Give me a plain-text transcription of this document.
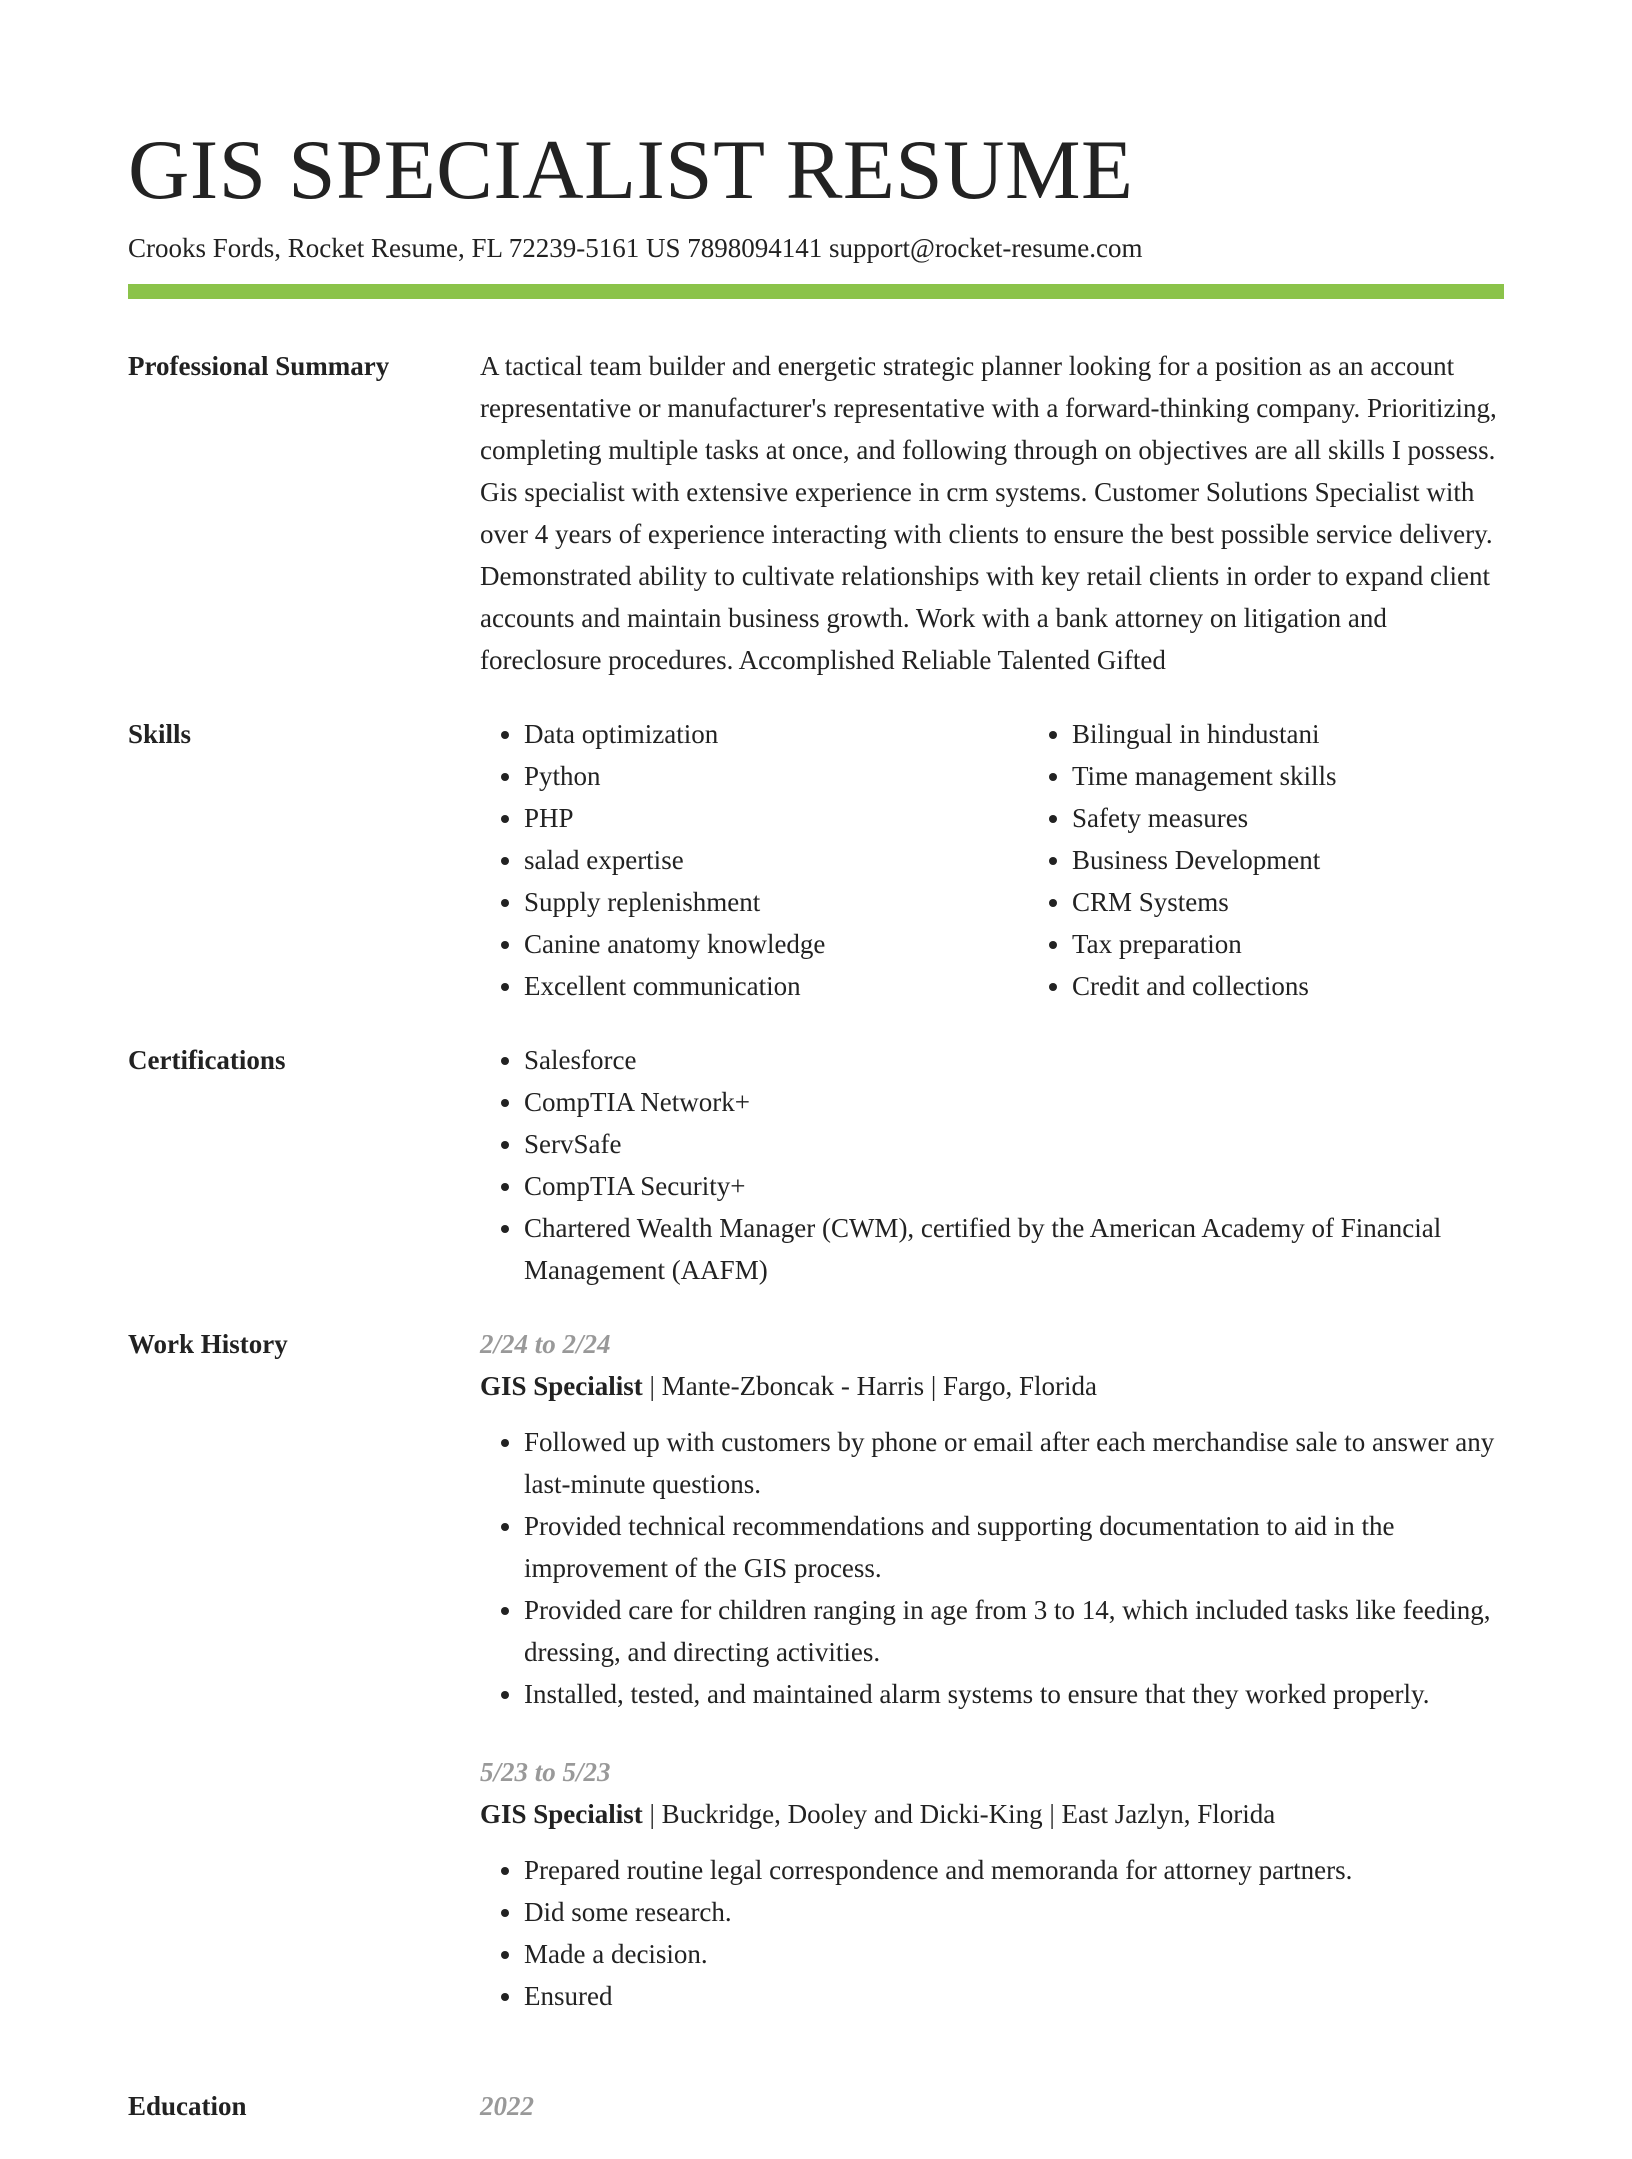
GIS SPECIALIST RESUME
Crooks Fords, Rocket Resume, FL 72239-5161 US 7898094141 support@rocket-resume.com
Professional Summary	A tactical team builder and energetic strategic planner looking for a position as an account representative or manufacturer's representative with a forward-thinking company. Prioritizing, completing multiple tasks at once, and following through on objectives are all skills I possess. Gis specialist with extensive experience in crm systems. Customer Solutions Specialist with over 4 years of experience interacting with clients to ensure the best possible service delivery. Demonstrated ability to cultivate relationships with key retail clients in order to expand client accounts and maintain business growth. Work with a bank attorney on litigation and foreclosure procedures. Accomplished Reliable Talented Gifted
Skills	• Data optimization
• Python
• PHP
• salad expertise
• Supply replenishment
• Canine anatomy knowledge
• Excellent communication
• Bilingual in hindustani
• Time management skills
• Safety measures
• Business Development
• CRM Systems
• Tax preparation
• Credit and collections
Certifications	• Salesforce
• CompTIA Network+
• ServSafe
• CompTIA Security+
• Chartered Wealth Manager (CWM), certified by the American Academy of Financial Management (AAFM)
Work History	2/24 to 2/24
GIS Specialist | Mante-Zboncak - Harris | Fargo, Florida
• Followed up with customers by phone or email after each merchandise sale to answer any last-minute questions.
• Provided technical recommendations and supporting documentation to aid in the improvement of the GIS process.
• Provided care for children ranging in age from 3 to 14, which included tasks like feeding, dressing, and directing activities.
• Installed, tested, and maintained alarm systems to ensure that they worked properly.
5/23 to 5/23
GIS Specialist | Buckridge, Dooley and Dicki-King | East Jazlyn, Florida
• Prepared routine legal correspondence and memoranda for attorney partners.
• Did some research.
• Made a decision.
• Ensured
Education	2022
